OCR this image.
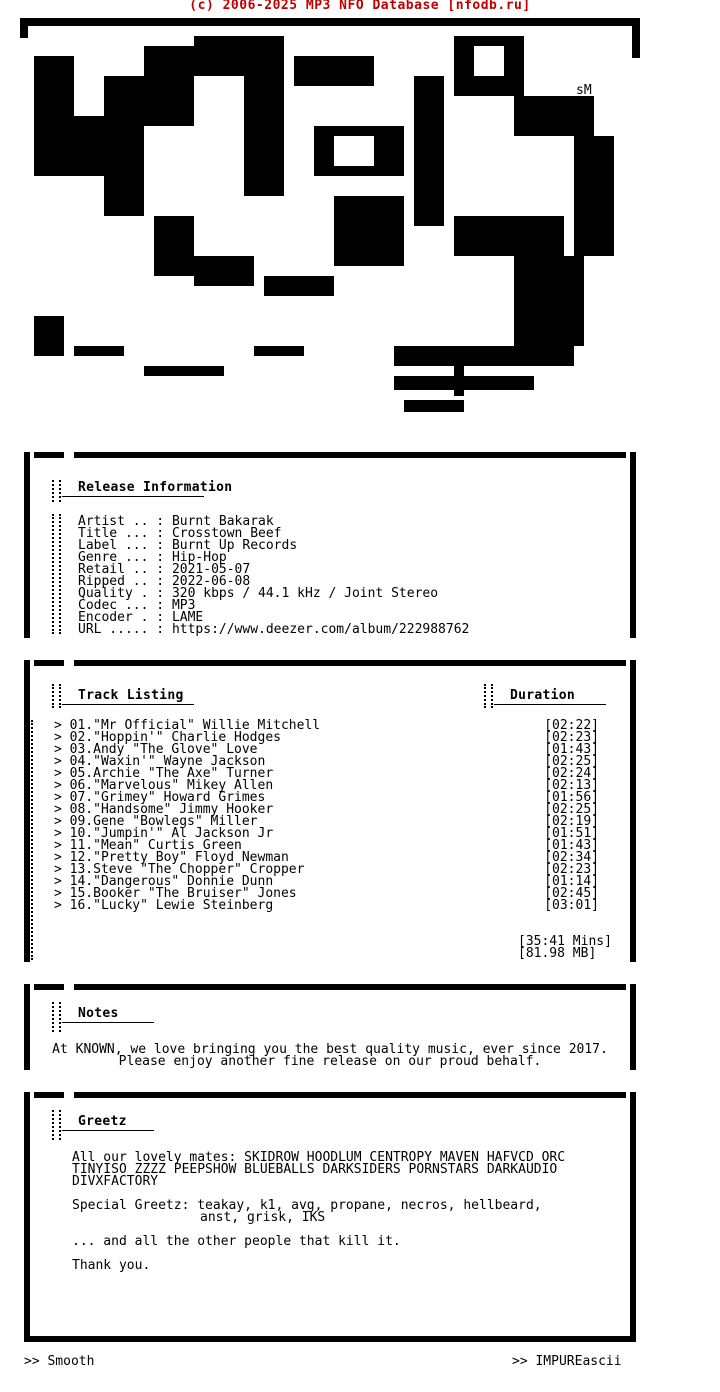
(c) 2006-2025 MP3 NFO Database [nfodb.ru]
sM
Release Information
Artist .. : Burnt Bakarak
Title ... : Crosstown Beef
Label ... : Burnt Up Records
Genre ... : Hip-Hop
Retail .. : 2021-05-07
Ripped .. : 2022-06-08
Quality . : 320 kbps / 44.1 kHz / Joint Stereo
Codec ... : MP3
Encoder . : LAME
URL ..... : https://www.deezer.com/album/222988762
Track Listing	Duration
> 01."Mr Official" Willie Mitchell	[02:22]
> 02."Hoppin'" Charlie Hodges	[02:23]
> 03.Andy "The Glove" Love	[01:43]
> 04."Waxin'" Wayne Jackson	[02:25]
> 05.Archie "The Axe" Turner	[02:24]
> 06."Marvelous" Mikey Allen	[02:13]
> 07."Grimey" Howard Grimes	[01:56]
> 08."Handsome" Jimmy Hooker	[02:25]
> 09.Gene "Bowlegs" Miller	[02:19]
> 10."Jumpin'" Al Jackson Jr	[01:51]
> 11."Mean" Curtis Green	[01:43]
> 12."Pretty Boy" Floyd Newman	[02:34]
> 13.Steve "The Chopper" Cropper	[02:23]
> 14."Dangerous" Donnie Dunn	[01:14]
> 15.Booker "The Bruiser" Jones	[02:45]
> 16."Lucky" Lewie Steinberg	[03:01]
[35:41 Mins]
[81.98 MB]
Notes
At KNOWN, we love bringing you the best quality music, ever since 2017.
Please enjoy another fine release on our proud behalf.
Greetz
All our lovely mates: SKIDROW HOODLUM CENTROPY MAVEN HAFVCD ORC
TINYISO ZZZZ PEEPSHOW BLUEBALLS DARKSIDERS PORNSTARS DARKAUDIO
DIVXFACTORY
Special Greetz: teakay, k1, avg, propane, necros, hellbeard,
anst, grisk, IKS
... and all the other people that kill it.
Thank you.
>> Smooth	>> IMPUREascii
